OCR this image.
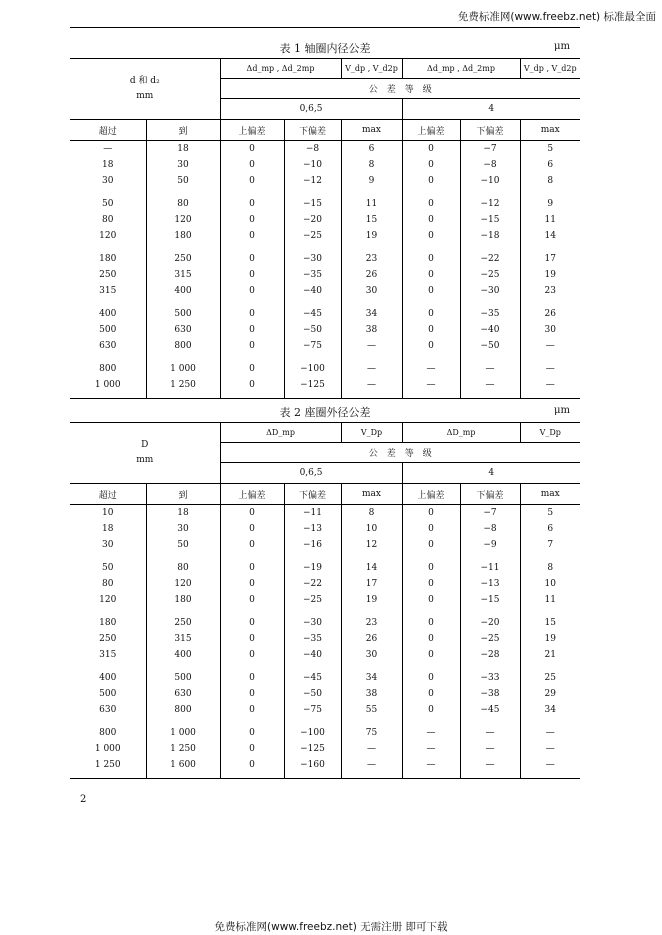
免费标准网(www.freebz.net) 标准最全面
表 1 轴圈内径公差	μm
d 和 d₂
mm		Δd_mp , Δd_2mp		V_dp , V_d2p	Δd_mp , Δd_2mp		V_dp , V_d2p
		公　差　等　级					
		0,6,5			4		
超过	到	上偏差	下偏差	max	上偏差	下偏差	max
—	18	0	−8	6	0	−7	5
18	30	0	−10	8	0	−8	6
30	50	0	−12	9	0	−10	8
50	80	0	−15	11	0	−12	9
80	120	0	−20	15	0	−15	11
120	180	0	−25	19	0	−18	14
180	250	0	−30	23	0	−22	17
250	315	0	−35	26	0	−25	19
315	400	0	−40	30	0	−30	23
400	500	0	−45	34	0	−35	26
500	630	0	−50	38	0	−40	30
630	800	0	−75	—	0	−50	—
800	1 000	0	−100	—	—	—	—
1 000	1 250	0	−125	—	—	—	—
表 2 座圈外径公差	μm
D
mm		ΔD_mp		V_Dp	ΔD_mp		V_Dp
		公　差　等　级					
		0,6,5			4		
超过	到	上偏差	下偏差	max	上偏差	下偏差	max
10	18	0	−11	8	0	−7	5
18	30	0	−13	10	0	−8	6
30	50	0	−16	12	0	−9	7
50	80	0	−19	14	0	−11	8
80	120	0	−22	17	0	−13	10
120	180	0	−25	19	0	−15	11
180	250	0	−30	23	0	−20	15
250	315	0	−35	26	0	−25	19
315	400	0	−40	30	0	−28	21
400	500	0	−45	34	0	−33	25
500	630	0	−50	38	0	−38	29
630	800	0	−75	55	0	−45	34
800	1 000	0	−100	75	—	—	—
1 000	1 250	0	−125	—	—	—	—
1 250	1 600	0	−160	—	—	—	—
2
免费标准网(www.freebz.net) 无需注册 即可下载
